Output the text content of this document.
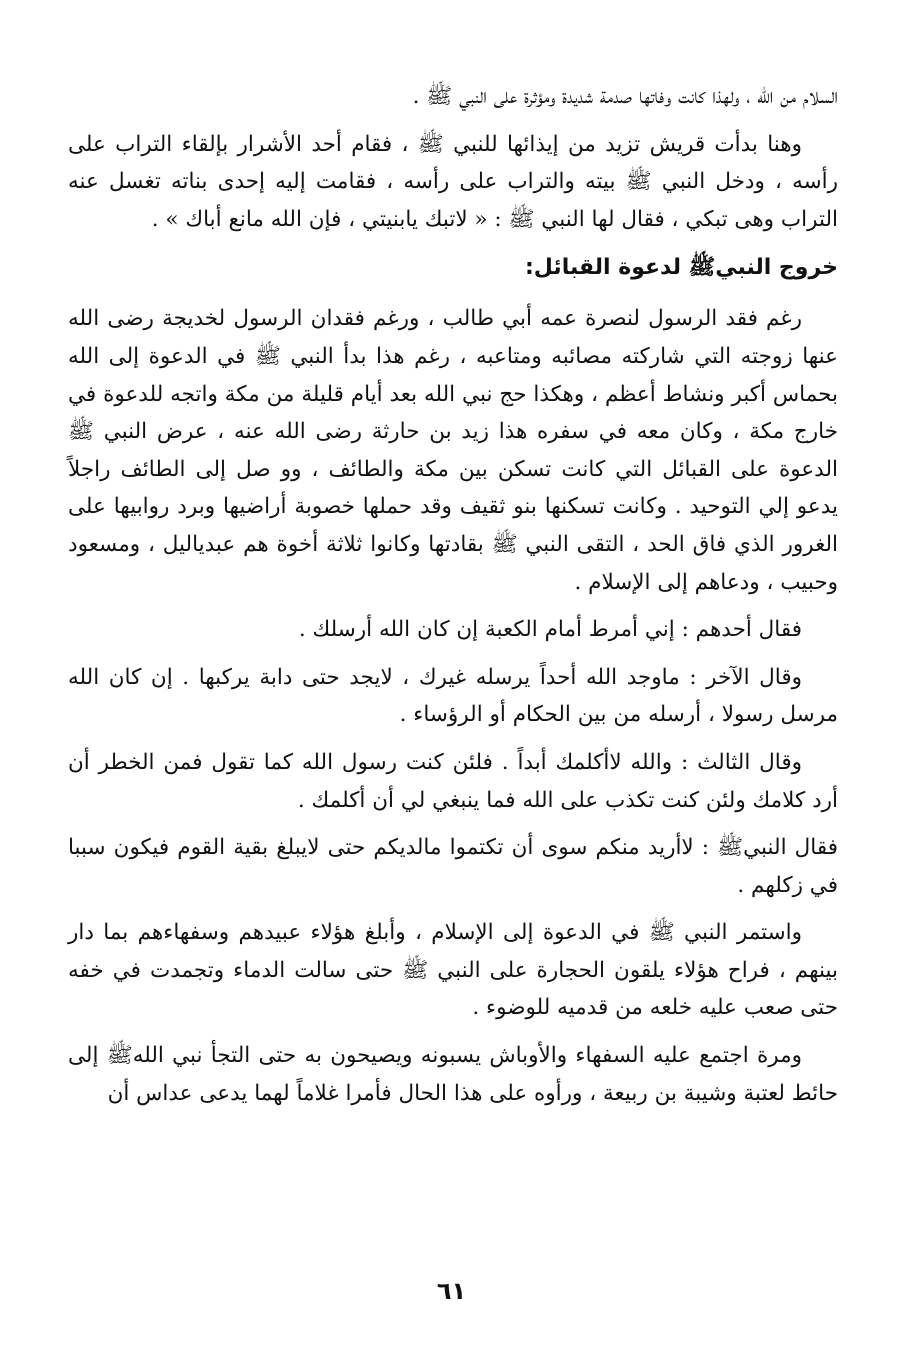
السلام من الله ، ولهذا كانت وفاتها صدمة شديدة ومؤثرة على النبي ﷺ .

وهنا بدأت قريش تزيد من إيذائها للنبي ﷺ ، فقام أحد الأشرار بإلقاء التراب على رأسه ، ودخل النبي ﷺ بيته والتراب على رأسه ، فقامت إليه إحدى بناته تغسل عنه التراب وهى تبكي ، فقال لها النبي ﷺ : « لاتبك يابنيتي ، فإن الله مانع أباك » .

خروج النبيﷺ لدعوة القبائل:

رغم فقد الرسول لنصرة عمه أبي طالب ، ورغم فقدان الرسول لخديجة رضى الله عنها زوجته التي شاركته مصائبه ومتاعبه ، رغم هذا بدأ النبي ﷺ في الدعوة إلى الله بحماس أكبر ونشاط أعظم ، وهكذا حج نبي الله بعد أيام قليلة من مكة واتجه للدعوة في خارج مكة ، وكان معه في سفره هذا زيد بن حارثة رضى الله عنه ، عرض النبي ﷺ الدعوة على القبائل التي كانت تسكن بين مكة والطائف ، وو صل إلى الطائف راجلاً يدعو إلي التوحيد . وكانت تسكنها بنو ثقيف وقد حملها خصوبة أراضيها وبرد روابيها على الغرور الذي فاق الحد ، التقى النبي ﷺ بقادتها وكانوا ثلاثة أخوة هم عبدياليل ، ومسعود وحبيب ، ودعاهم إلى الإسلام .

فقال أحدهم : إني أمرط أمام الكعبة إن كان الله أرسلك .

وقال الآخر : ماوجد الله أحداً يرسله غيرك ، لايجد حتى دابة يركبها . إن كان الله مرسل رسولا ، أرسله من بين الحكام أو الرؤساء .

وقال الثالث : والله لاأكلمك أبداً . فلئن كنت رسول الله كما تقول فمن الخطر أن أرد كلامك ولئن كنت تكذب على الله فما ينبغي لي أن أكلمك .

فقال النبيﷺ : لاأريد منكم سوى أن تكتموا مالديكم حتى لايبلغ بقية القوم فيكون سببا في زكلهم .

واستمر النبي ﷺ في الدعوة إلى الإسلام ، وأبلغ هؤلاء عبيدهم وسفهاءهم بما دار بينهم ، فراح هؤلاء يلقون الحجارة على النبي ﷺ حتى سالت الدماء وتجمدت في خفه حتى صعب عليه خلعه من قدميه للوضوء .

ومرة اجتمع عليه السفهاء والأوباش يسبونه ويصيحون به حتى التجأ نبي اللهﷺ إلى حائط لعتبة وشيبة بن ربيعة ، ورأوه على هذا الحال فأمرا غلاماً لهما يدعى عداس أن

٦١
